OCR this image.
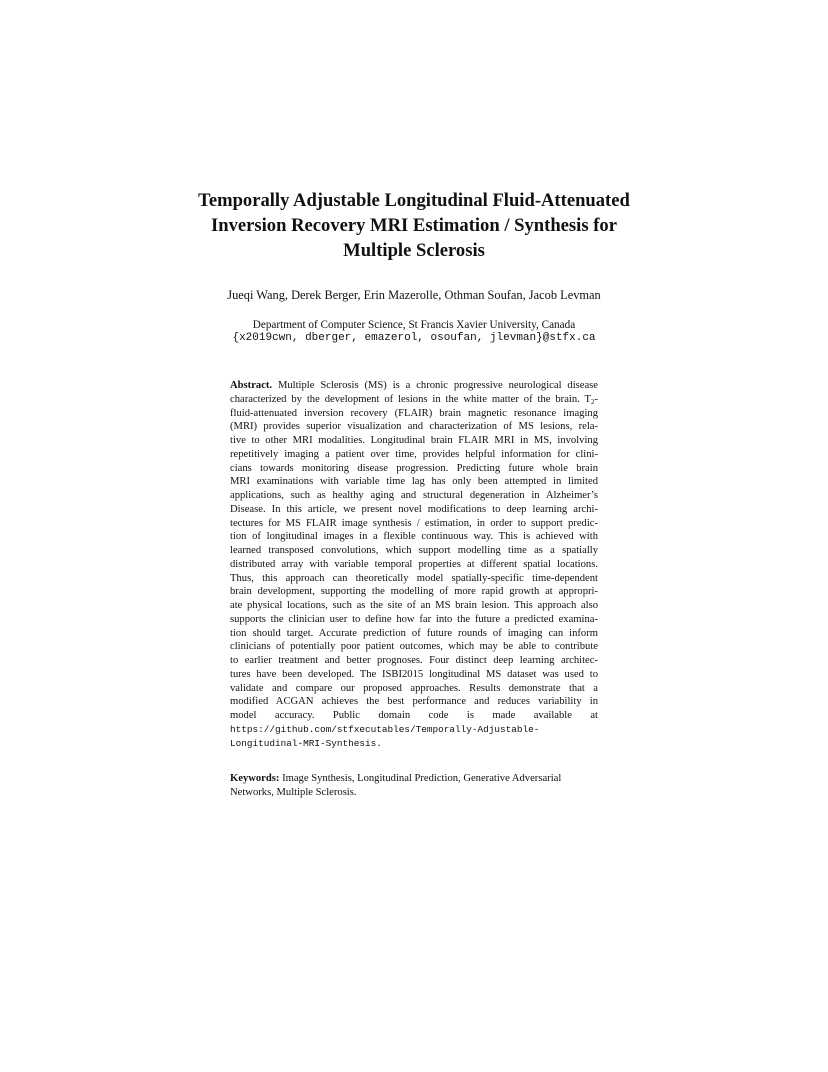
Temporally Adjustable Longitudinal Fluid-Attenuated
Inversion Recovery MRI Estimation / Synthesis for
Multiple Sclerosis
Jueqi Wang, Derek Berger, Erin Mazerolle, Othman Soufan, Jacob Levman
Department of Computer Science, St Francis Xavier University, Canada
{x2019cwn, dberger, emazerol, osoufan, jlevman}@stfx.ca
Abstract. Multiple Sclerosis (MS) is a chronic progressive neurological disease
characterized by the development of lesions in the white matter of the brain. $T_2-$
fluid-attenuated inversion recovery (FLAIR) brain magnetic resonance imaging
(MRI) provides superior visualization and characterization of MS lesions, rela-
tive to other MRI modalities. Longitudinal brain FLAIR MRI in MS, involving
repetitively imaging a patient over time, provides helpful information for clini-
cians towards monitoring disease progression. Predicting future whole brain
MRI examinations with variable time lag has only been attempted in limited
applications, such as healthy aging and structural degeneration in Alzheimer’s
Disease. In this article, we present novel modifications to deep learning archi-
tectures for MS FLAIR image synthesis / estimation, in order to support predic-
tion of longitudinal images in a flexible continuous way. This is achieved with
learned transposed convolutions, which support modelling time as a spatially
distributed array with variable temporal properties at different spatial locations.
Thus, this approach can theoretically model spatially-specific time-dependent
brain development, supporting the modelling of more rapid growth at appropri-
ate physical locations, such as the site of an MS brain lesion. This approach also
supports the clinician user to define how far into the future a predicted examina-
tion should target. Accurate prediction of future rounds of imaging can inform
clinicians of potentially poor patient outcomes, which may be able to contribute
to earlier treatment and better prognoses. Four distinct deep learning architec-
tures have been developed. The ISBI2015 longitudinal MS dataset was used to
validate and compare our proposed approaches. Results demonstrate that a
modified ACGAN achieves the best performance and reduces variability in
model accuracy. Public domain code is made available at
https://github.com/stfxecutables/Temporally-Adjustable-
Longitudinal-MRI-Synthesis.
Keywords: Image Synthesis, Longitudinal Prediction, Generative Adversarial
Networks, Multiple Sclerosis.
